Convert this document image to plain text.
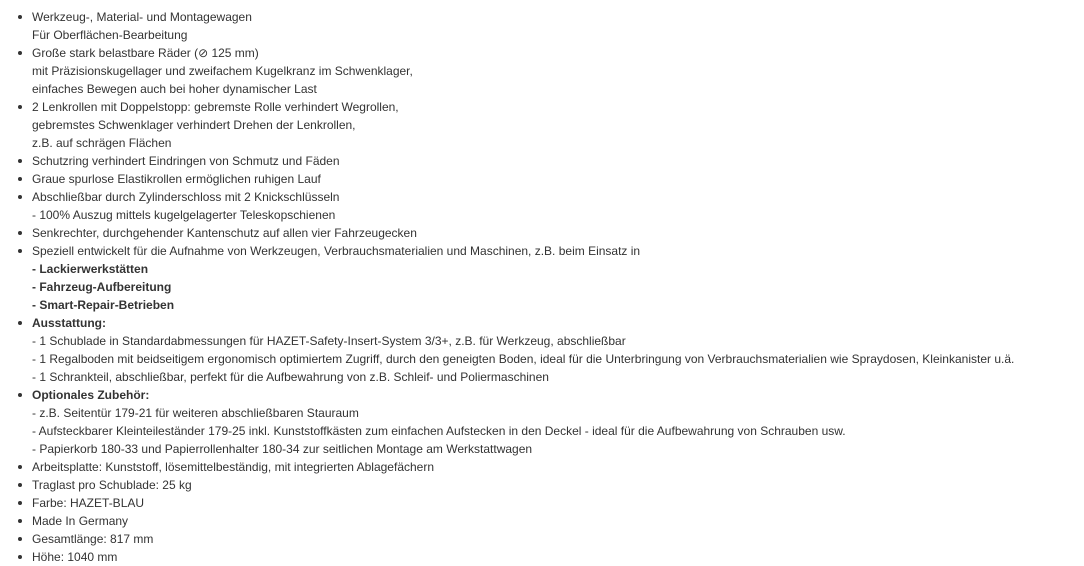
Werkzeug-, Material- und Montagewagen
Für Oberflächen-Bearbeitung
Große stark belastbare Räder (⊘ 125 mm)
mit Präzisionskugellager und zweifachem Kugelkranz im Schwenklager,
einfaches Bewegen auch bei hoher dynamischer Last
2 Lenkrollen mit Doppelstopp: gebremste Rolle verhindert Wegrollen,
gebremstes Schwenklager verhindert Drehen der Lenkrollen,
z.B. auf schrägen Flächen
Schutzring verhindert Eindringen von Schmutz und Fäden
Graue spurlose Elastikrollen ermöglichen ruhigen Lauf
Abschließbar durch Zylinderschloss mit 2 Knickschlüsseln
- 100% Auszug mittels kugelgelagerter Teleskopschienen
Senkrechter, durchgehender Kantenschutz auf allen vier Fahrzeugecken
Speziell entwickelt für die Aufnahme von Werkzeugen, Verbrauchsmaterialien und Maschinen, z.B. beim Einsatz in
- Lackierwerkstätten
- Fahrzeug-Aufbereitung
- Smart-Repair-Betrieben
Ausstattung:
- 1 Schublade in Standardabmessungen für HAZET-Safety-Insert-System 3/3+, z.B. für Werkzeug, abschließbar
- 1 Regalboden mit beidseitigem ergonomisch optimiertem Zugriff, durch den geneigten Boden, ideal für die Unterbringung von Verbrauchsmaterialien wie Spraydosen, Kleinkanister u.ä.
- 1 Schrankteil, abschließbar, perfekt für die Aufbewahrung von z.B. Schleif- und Poliermaschinen
Optionales Zubehör:
- z.B. Seitentür 179-21 für weiteren abschließbaren Stauraum
- Aufsteckbarer Kleinteileständer 179-25 inkl. Kunststoffkästen zum einfachen Aufstecken in den Deckel - ideal für die Aufbewahrung von Schrauben usw.
- Papierkorb 180-33 und Papierrollenhalter 180-34 zur seitlichen Montage am Werkstattwagen
Arbeitsplatte: Kunststoff, lösemittelbeständig, mit integrierten Ablagefächern
Traglast pro Schublade: 25 kg
Farbe: HAZET-BLAU
Made In Germany
Gesamtlänge: 817 mm
Höhe: 1040 mm
